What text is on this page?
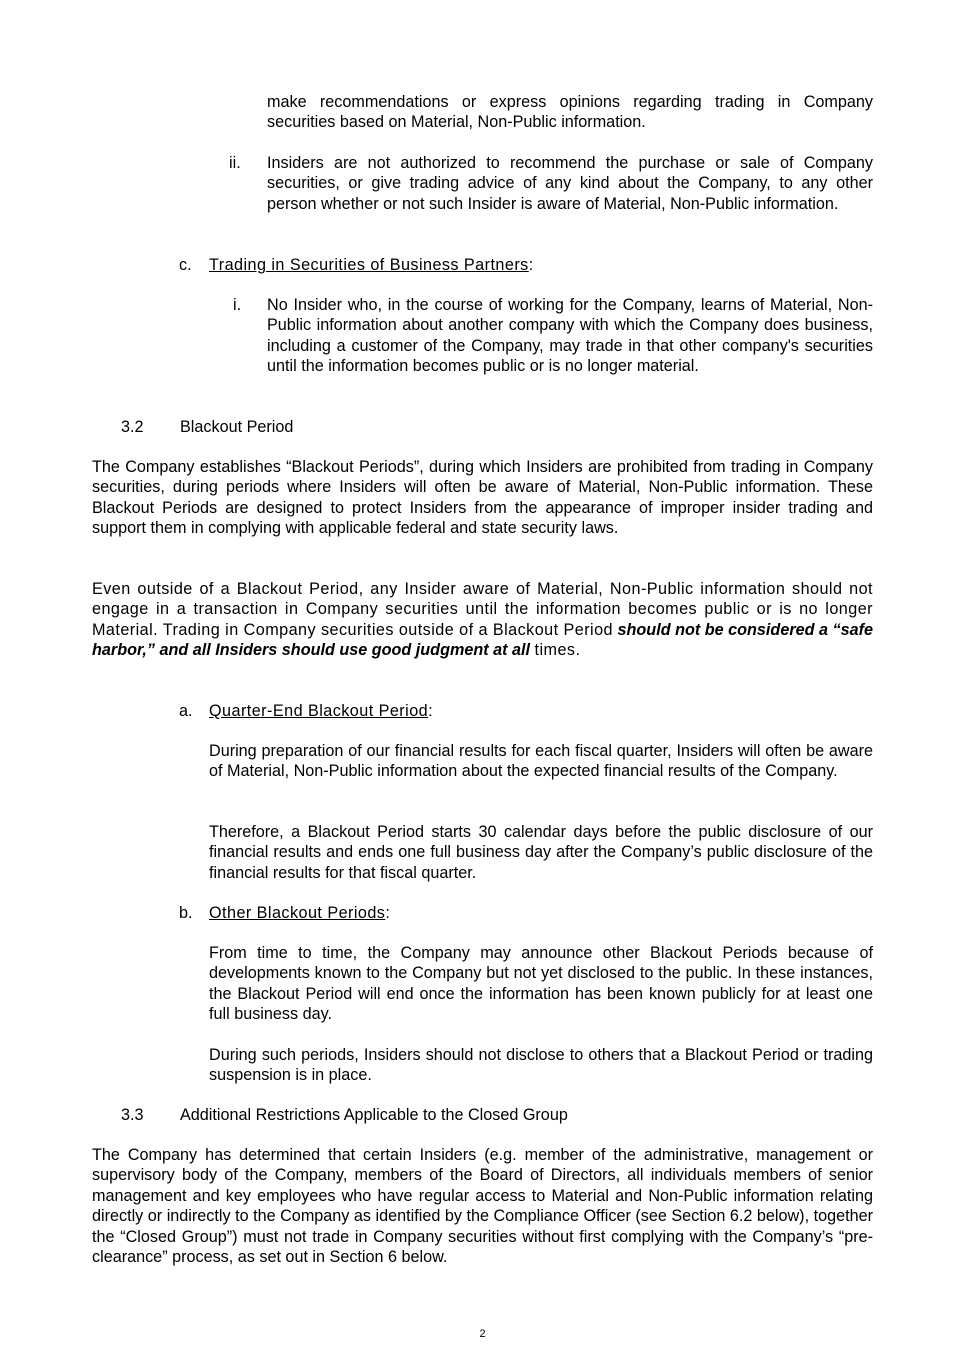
make recommendations or express opinions regarding trading in Company securities based on Material, Non-Public information.

ii. Insiders are not authorized to recommend the purchase or sale of Company securities, or give trading advice of any kind about the Company, to any other person whether or not such Insider is aware of Material, Non-Public information.

c. Trading in Securities of Business Partners:

i. No Insider who, in the course of working for the Company, learns of Material, Non-Public information about another company with which the Company does business, including a customer of the Company, may trade in that other company's securities until the information becomes public or is no longer material.

3.2 Blackout Period

The Company establishes “Blackout Periods”, during which Insiders are prohibited from trading in Company securities, during periods where Insiders will often be aware of Material, Non-Public information. These Blackout Periods are designed to protect Insiders from the appearance of improper insider trading and support them in complying with applicable federal and state security laws.

Even outside of a Blackout Period, any Insider aware of Material, Non-Public information should not engage in a transaction in Company securities until the information becomes public or is no longer Material. Trading in Company securities outside of a Blackout Period should not be considered a “safe harbor,” and all Insiders should use good judgment at all times.

a. Quarter-End Blackout Period:

During preparation of our financial results for each fiscal quarter, Insiders will often be aware of Material, Non-Public information about the expected financial results of the Company.

Therefore, a Blackout Period starts 30 calendar days before the public disclosure of our financial results and ends one full business day after the Company’s public disclosure of the financial results for that fiscal quarter.

b. Other Blackout Periods:

From time to time, the Company may announce other Blackout Periods because of developments known to the Company but not yet disclosed to the public. In these instances, the Blackout Period will end once the information has been known publicly for at least one full business day.

During such periods, Insiders should not disclose to others that a Blackout Period or trading suspension is in place.

3.3 Additional Restrictions Applicable to the Closed Group

The Company has determined that certain Insiders (e.g. member of the administrative, management or supervisory body of the Company, members of the Board of Directors, all individuals members of senior management and key employees who have regular access to Material and Non-Public information relating directly or indirectly to the Company as identified by the Compliance Officer (see Section 6.2 below), together the “Closed Group”) must not trade in Company securities without first complying with the Company’s “pre-clearance” process, as set out in Section 6 below.

2
